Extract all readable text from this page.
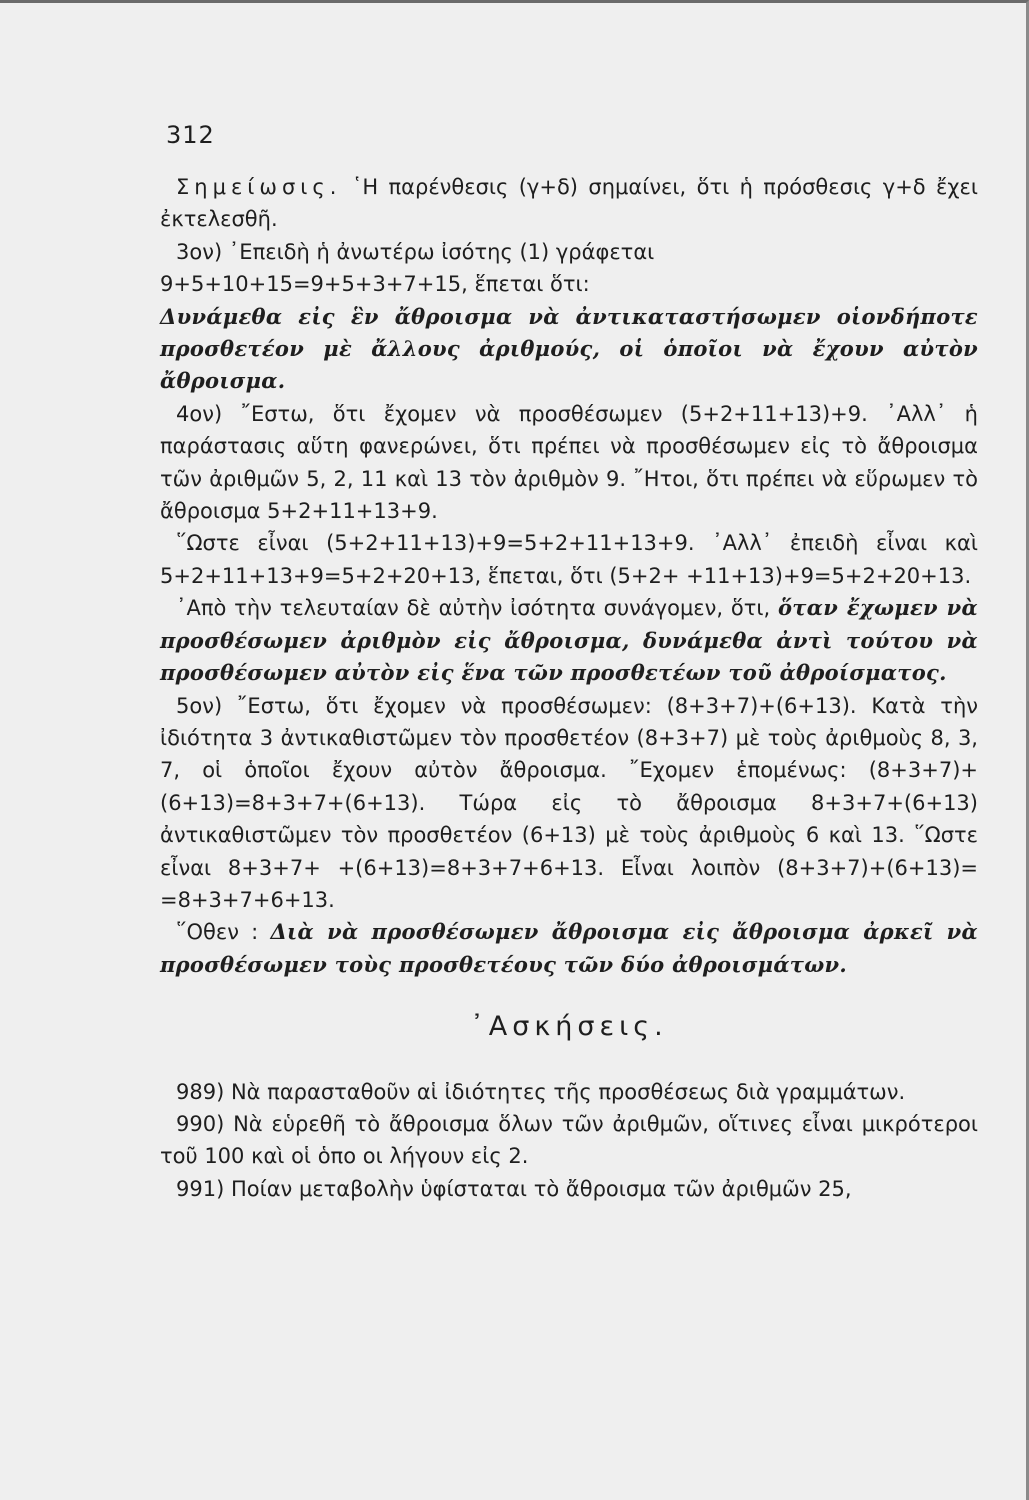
312

Σημείωσις. ῾Η παρένθεσις (γ+δ) σημαίνει, ὅτι ἡ πρόσθεσις γ+δ ἔχει ἐκτελεσθῆ.

3ον) ᾿Επειδὴ ἡ ἀνωτέρω ἰσότης (1) γράφεται
9+5+10+15=9+5+3+7+15, ἕπεται ὅτι:
Δυνάμεθα εἰς ἓν ἄθροισμα νὰ ἀντικαταστήσωμεν οἱονδήποτε προσθετέον μὲ ἄλλους ἀριθμούς, οἱ ὁποῖοι νὰ ἔχουν αὐτὸν ἄθροισμα.

4ον) ῎Εστω, ὅτι ἔχομεν νὰ προσθέσωμεν (5+2+11+13)+9. ᾿Αλλ᾿ ἡ παράστασις αὕτη φανερώνει, ὅτι πρέπει νὰ προσθέσωμεν εἰς τὸ ἄθροισμα τῶν ἀριθμῶν 5, 2, 11 καὶ 13 τὸν ἀριθμὸν 9. ῎Ητοι, ὅτι πρέπει νὰ εὕρωμεν τὸ ἄθροισμα 5+2+11+13+9.

῞Ωστε εἶναι (5+2+11+13)+9=5+2+11+13+9. ᾿Αλλ᾿ ἐπειδὴ εἶναι καὶ 5+2+11+13+9=5+2+20+13, ἕπεται, ὅτι (5+2+ +11+13)+9=5+2+20+13.

᾿Απὸ τὴν τελευταίαν δὲ αὐτὴν ἰσότητα συνάγομεν, ὅτι, ὅταν ἔχωμεν νὰ προσθέσωμεν ἀριθμὸν εἰς ἄθροισμα, δυνάμεθα ἀντὶ τούτου νὰ προσθέσωμεν αὐτὸν εἰς ἕνα τῶν προσθετέων τοῦ ἀθροίσματος.

5ον) ῎Εστω, ὅτι ἔχομεν νὰ προσθέσωμεν: (8+3+7)+(6+13). Κατὰ τὴν ἰδιότητα 3 ἀντικαθιστῶμεν τὸν προσθετέον (8+3+7) μὲ τοὺς ἀριθμοὺς 8, 3, 7, οἱ ὁποῖοι ἔχουν αὐτὸν ἄθροισμα. ῎Εχομεν ἑπομένως: (8+3+7)+(6+13)=8+3+7+(6+13). Τώρα εἰς τὸ ἄθροισμα 8+3+7+(6+13) ἀντικαθιστῶμεν τὸν προσθετέον (6+13) μὲ τοὺς ἀριθμοὺς 6 καὶ 13. ῞Ωστε εἶναι 8+3+7+ +(6+13)=8+3+7+6+13. Εἶναι λοιπὸν (8+3+7)+(6+13)= =8+3+7+6+13.

῞Οθεν : Διὰ νὰ προσθέσωμεν ἄθροισμα εἰς ἄθροισμα ἀρκεῖ νὰ προσθέσωμεν τοὺς προσθετέους τῶν δύο ἀθροισμάτων.

᾿Ασκήσεις.

989) Νὰ παρασταθοῦν αἱ ἰδιότητες τῆς προσθέσεως διὰ γραμμάτων.

990) Νὰ εὑρεθῆ τὸ ἄθροισμα ὅλων τῶν ἀριθμῶν, οἵτινες εἶναι μικρότεροι τοῦ 100 καὶ οἱ ὁπο οι λήγουν εἰς 2.

991) Ποίαν μεταβολὴν ὑφίσταται τὸ ἄθροισμα τῶν ἀριθμῶν 25,
